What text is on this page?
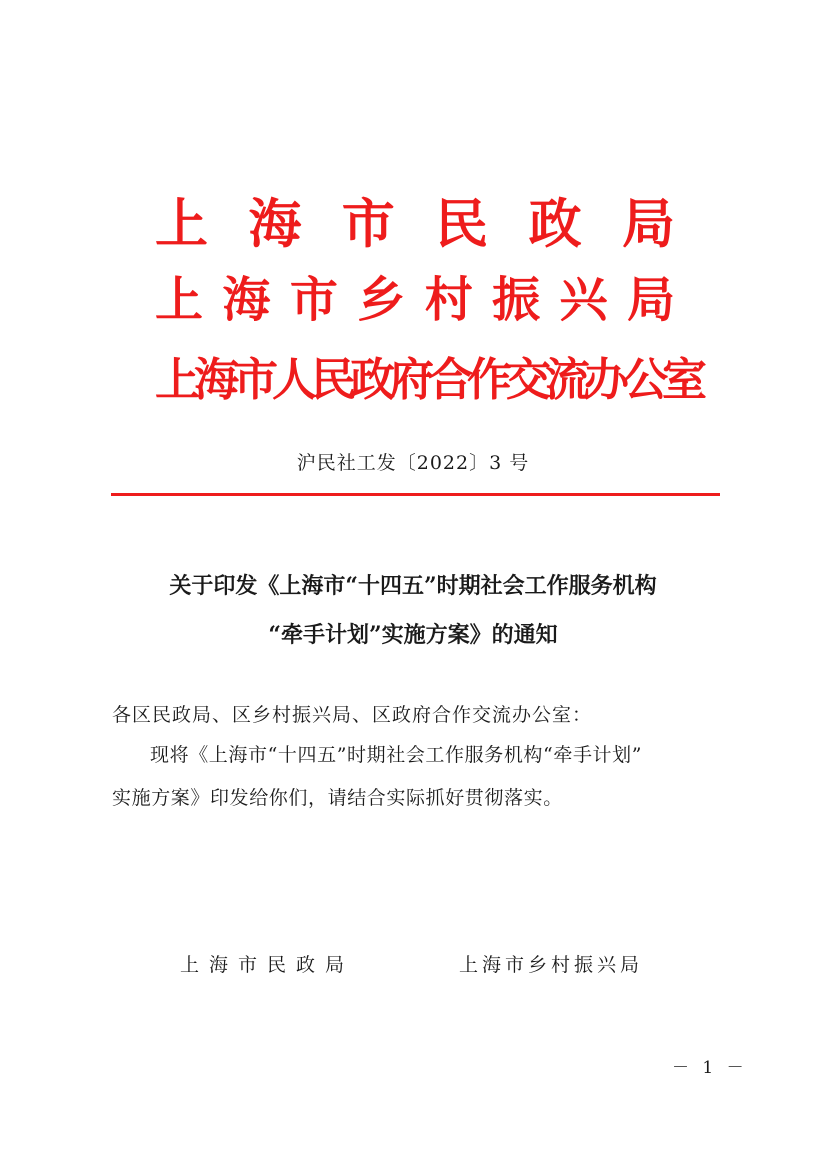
上 海 市 民 政 局
上 海 市 乡 村 振 兴 局
上海市人民政府合作交流办公室
沪民社工发〔2022〕3 号
关于印发《上海市“十四五”时期社会工作服务机构
“牵手计划”实施方案》的通知
各区民政局、区乡村振兴局、区政府合作交流办公室：
现将《上海市“十四五”时期社会工作服务机构“牵手计划”
实施方案》印发给你们，请结合实际抓好贯彻落实。
上海市民政局	上海市乡村振兴局
－ 1 －
